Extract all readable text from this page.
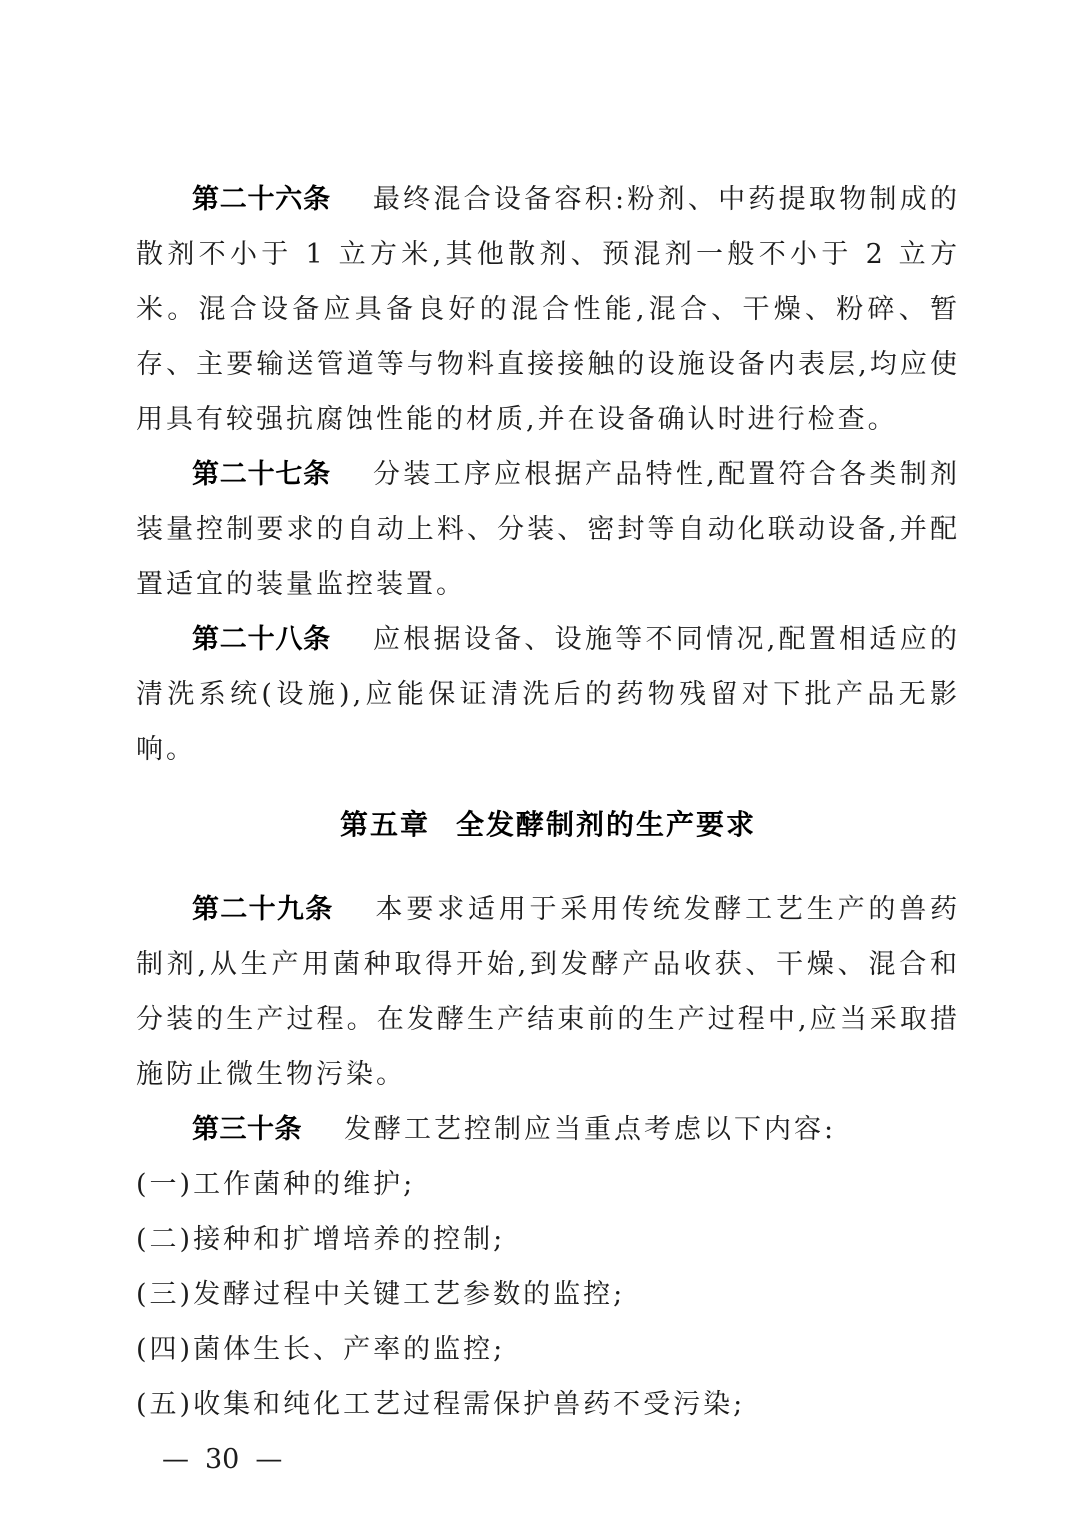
第二十六条 最终混合设备容积:粉剂、中药提取物制成的散剂不小于 1 立方米,其他散剂、预混剂一般不小于 2 立方米。混合设备应具备良好的混合性能,混合、干燥、粉碎、暂存、主要输送管道等与物料直接接触的设施设备内表层,均应使用具有较强抗腐蚀性能的材质,并在设备确认时进行检查。

第二十七条 分装工序应根据产品特性,配置符合各类制剂装量控制要求的自动上料、分装、密封等自动化联动设备,并配置适宜的装量监控装置。

第二十八条 应根据设备、设施等不同情况,配置相适应的清洗系统(设施),应能保证清洗后的药物残留对下批产品无影响。

第五章 全发酵制剂的生产要求

第二十九条 本要求适用于采用传统发酵工艺生产的兽药制剂,从生产用菌种取得开始,到发酵产品收获、干燥、混合和分装的生产过程。在发酵生产结束前的生产过程中,应当采取措施防止微生物污染。

第三十条 发酵工艺控制应当重点考虑以下内容:

(一)工作菌种的维护;

(二)接种和扩增培养的控制;

(三)发酵过程中关键工艺参数的监控;

(四)菌体生长、产率的监控;

(五)收集和纯化工艺过程需保护兽药不受污染;

— 30 —
